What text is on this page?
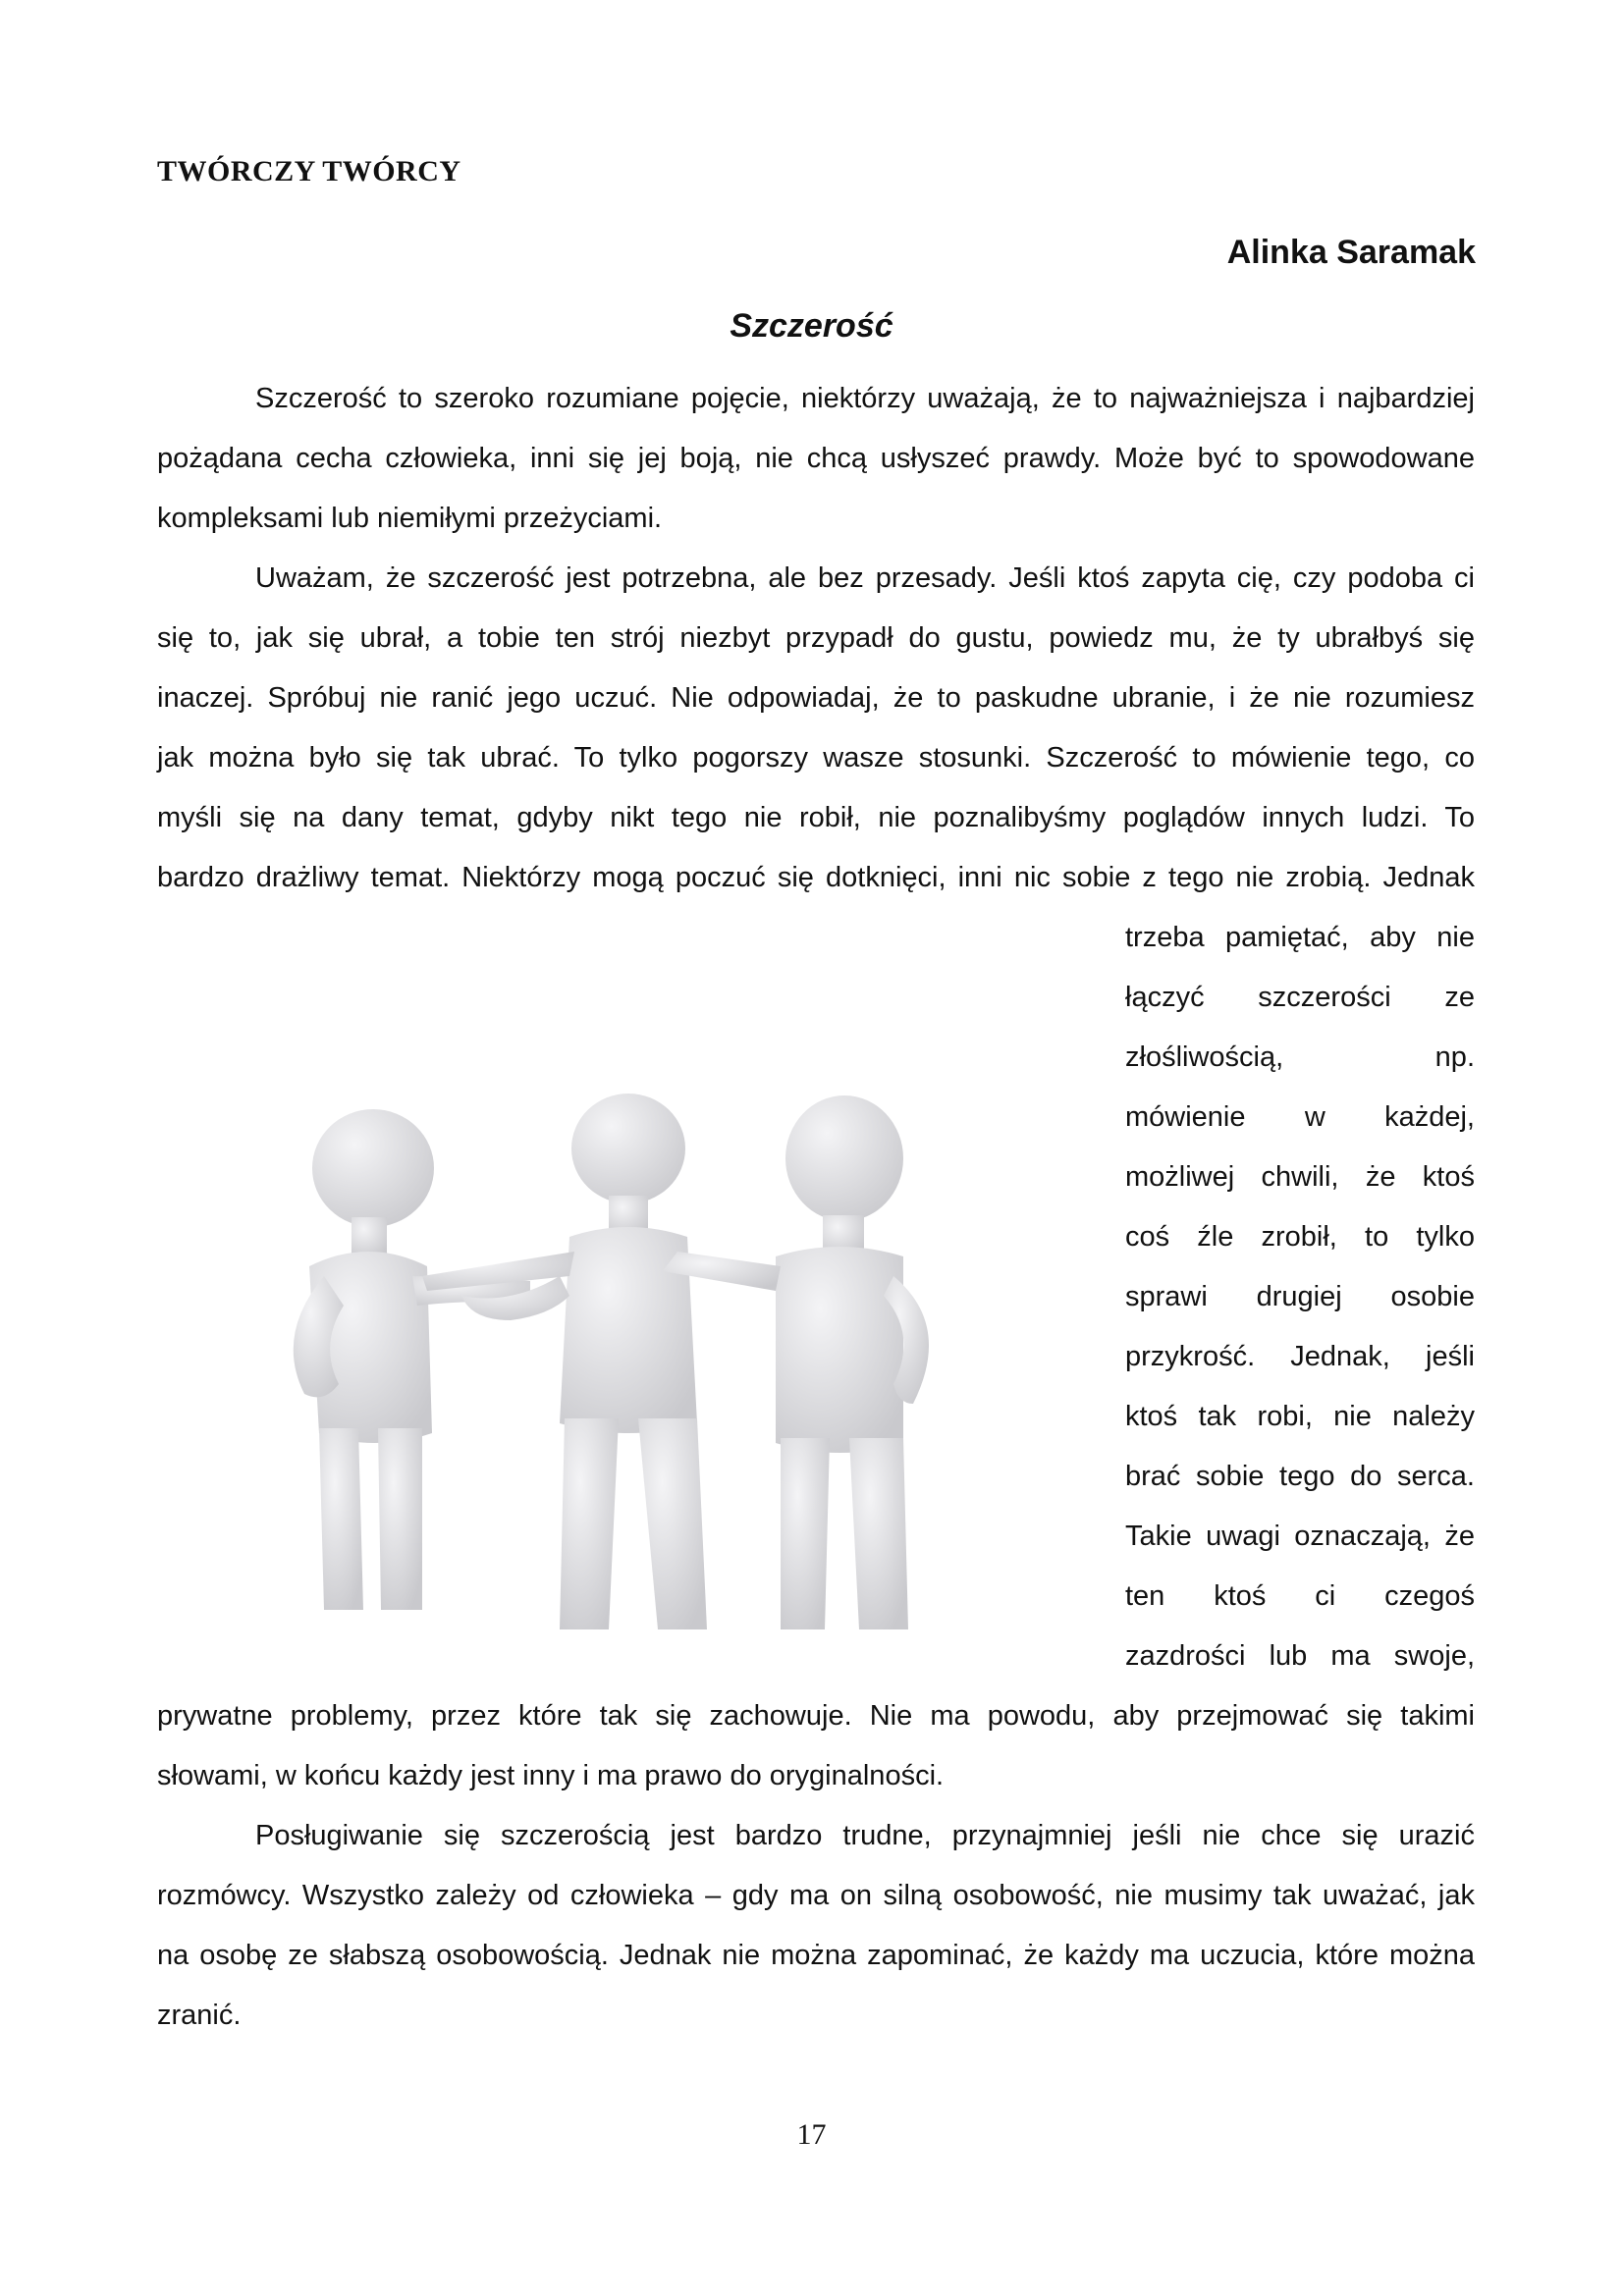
TWÓRCZY TWÓRCY
Alinka Saramak
Szczerość

Szczerość to szeroko rozumiane pojęcie, niektórzy uważają, że to najważniejsza i najbardziej

pożądana cecha człowieka, inni się jej boją, nie chcą usłyszeć prawdy. Może być to spowodowane

kompleksami lub niemiłymi przeżyciami.

Uważam, że szczerość jest potrzebna, ale bez przesady. Jeśli ktoś zapyta cię, czy podoba ci

się to, jak się ubrał, a tobie ten strój niezbyt przypadł do gustu, powiedz mu, że ty ubrałbyś się

inaczej. Spróbuj nie ranić jego uczuć. Nie odpowiadaj, że to paskudne ubranie, i że nie rozumiesz

jak można było się tak ubrać. To tylko pogorszy wasze stosunki. Szczerość to mówienie tego, co

myśli się na dany temat, gdyby nikt tego nie robił, nie poznalibyśmy poglądów innych ludzi. To

bardzo drażliwy temat. Niektórzy mogą poczuć się dotknięci, inni nic sobie z tego nie zrobią. Jednak

trzeba pamiętać, aby nie

łączyć szczerości ze

złośliwością, np.

mówienie w każdej,

możliwej chwili, że ktoś

coś źle zrobił, to tylko

sprawi drugiej osobie

przykrość. Jednak, jeśli

ktoś tak robi, nie należy

brać sobie tego do serca.

Takie uwagi oznaczają, że

ten ktoś ci czegoś

zazdrości lub ma swoje,

prywatne problemy, przez które tak się zachowuje. Nie ma powodu, aby przejmować się takimi

słowami, w końcu każdy jest inny i ma prawo do oryginalności.

Posługiwanie się szczerością jest bardzo trudne, przynajmniej jeśli nie chce się urazić

rozmówcy. Wszystko zależy od człowieka – gdy ma on silną osobowość, nie musimy tak uważać, jak

na osobę ze słabszą osobowością. Jednak nie można zapominać, że każdy ma uczucia, które można

zranić.

17
